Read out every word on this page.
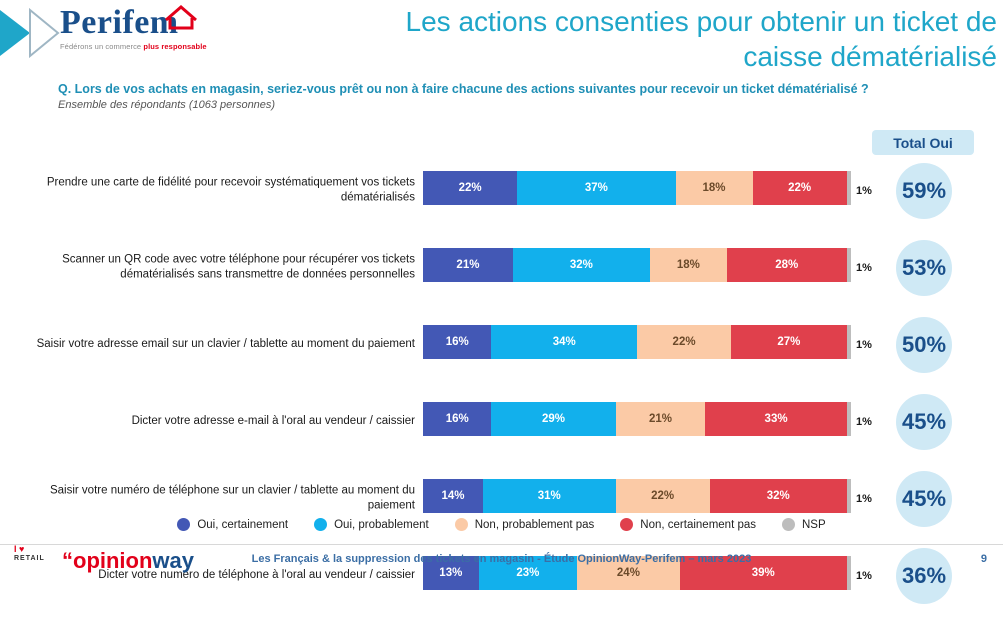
Perifem
Fédérons un commerce plus responsable
Les actions consenties pour obtenir un ticket de caisse dématérialisé
Q. Lors de vos achats en magasin, seriez-vous prêt ou non à faire chacune des actions suivantes pour recevoir un ticket dématérialisé ?
Ensemble des répondants (1063 personnes)
Total Oui
Prendre une carte de fidélité pour recevoir systématiquement vos tickets dématérialisés
22%	37%	18%	22%	1% 59%
Scanner un QR code avec votre téléphone pour récupérer vos tickets dématérialisés sans transmettre de données personnelles
21%	32%	18%	28%	1% 53%
Saisir votre adresse email sur un clavier / tablette au moment du paiement	16%	34%	22%	27%	1% 50%
Dicter votre adresse e-mail à l'oral au vendeur / caissier	16%	29%	21%	33%	1% 45%
Saisir votre numéro de téléphone sur un clavier / tablette au moment du paiement
14%	31%	22%	32%	1% 45%
Dicter votre numéro de téléphone à l'oral au vendeur / caissier	13%	23%	24%	39%	1% 36%
Oui, certainement	Oui, probablement	Non, probablement pas	Non, certainement pas	NSP
I ♥
RETAIL “opinionway	Les Français & la suppression des tickets en magasin - Étude OpinionWay-Perifem – mars 2023	9
